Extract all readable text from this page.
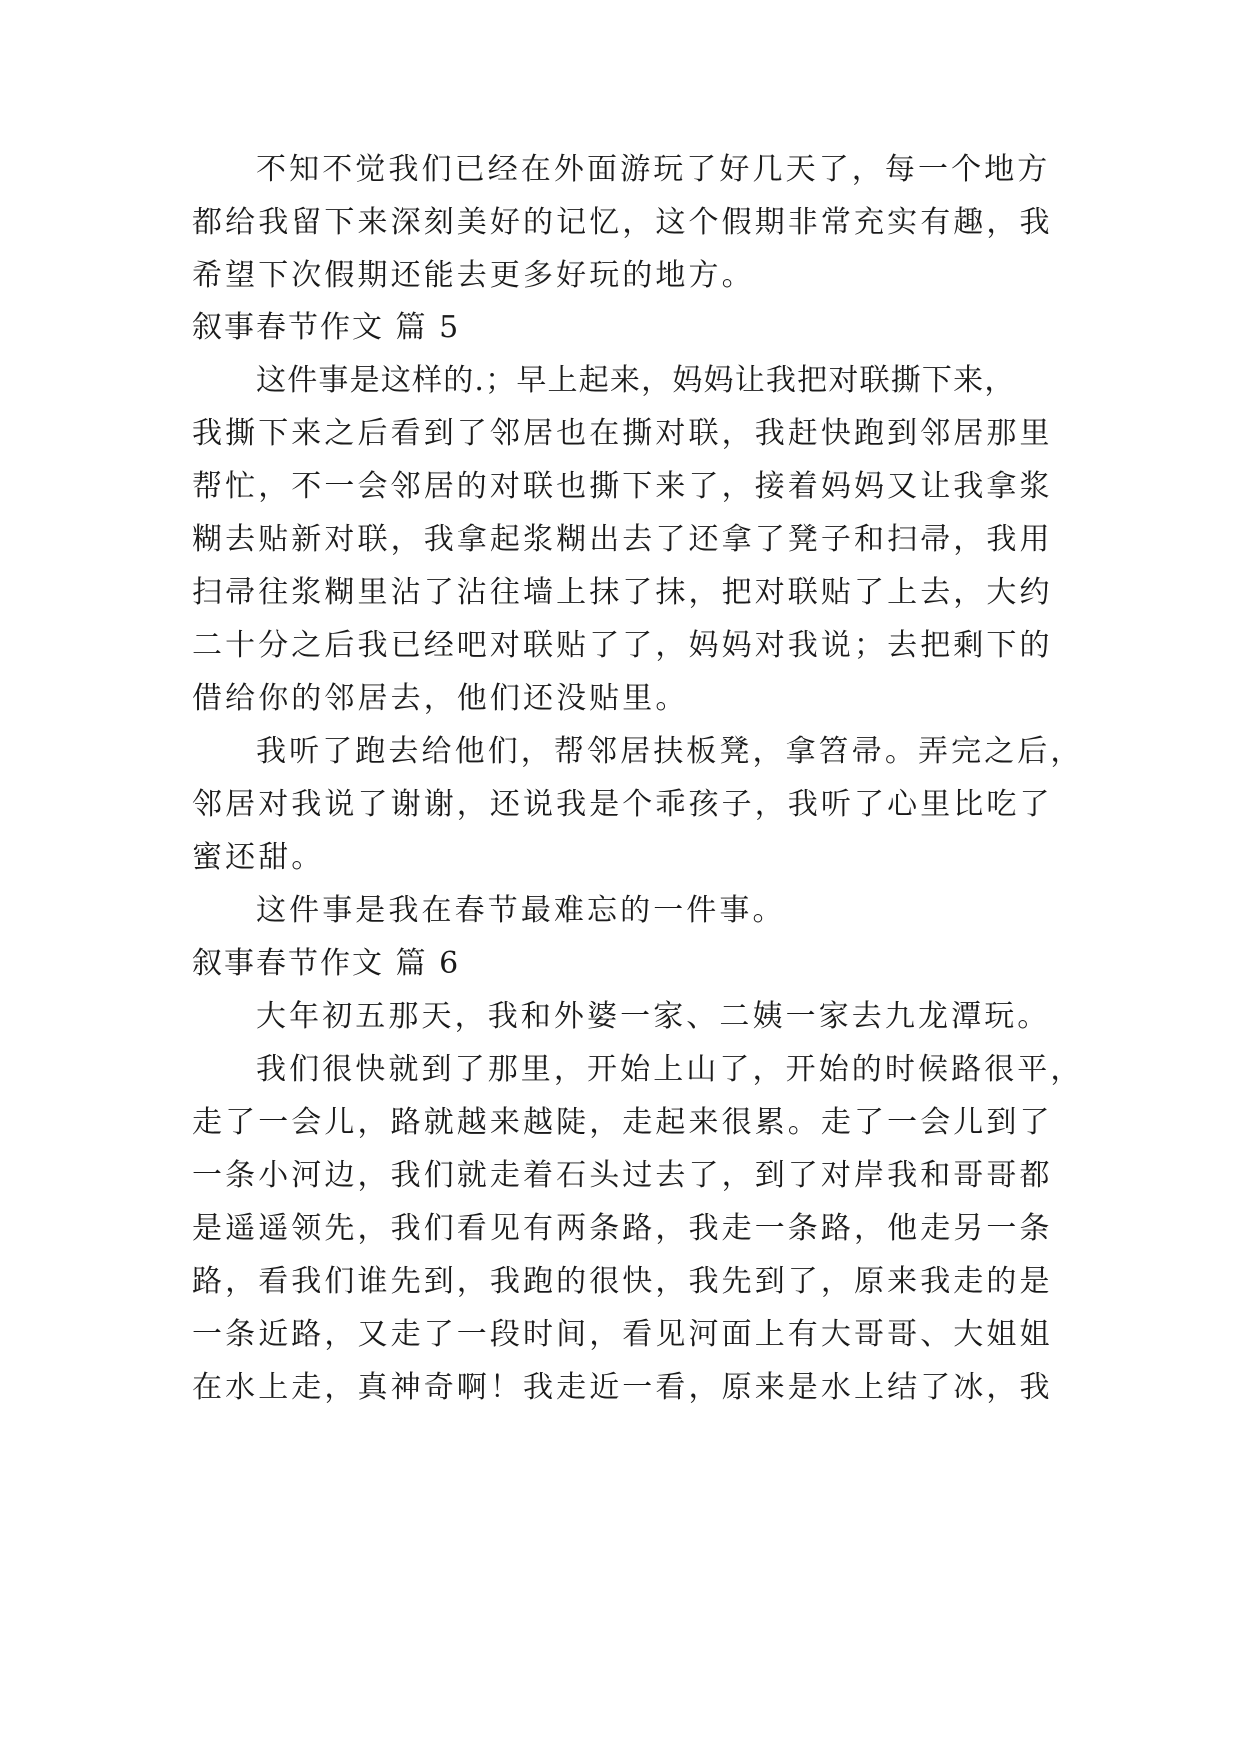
不知不觉我们已经在外面游玩了好几天了，每一个地方
都给我留下来深刻美好的记忆，这个假期非常充实有趣，我
希望下次假期还能去更多好玩的地方。
叙事春节作文 篇 5
这件事是这样的.；早上起来，妈妈让我把对联撕下来，
我撕下来之后看到了邻居也在撕对联，我赶快跑到邻居那里
帮忙，不一会邻居的对联也撕下来了，接着妈妈又让我拿浆
糊去贴新对联，我拿起浆糊出去了还拿了凳子和扫帚，我用
扫帚往浆糊里沾了沾往墙上抹了抹，把对联贴了上去，大约
二十分之后我已经吧对联贴了了，妈妈对我说；去把剩下的
借给你的邻居去，他们还没贴里。
我听了跑去给他们，帮邻居扶板凳，拿笤帚。弄完之后，
邻居对我说了谢谢，还说我是个乖孩子，我听了心里比吃了
蜜还甜。
这件事是我在春节最难忘的一件事。
叙事春节作文 篇 6
大年初五那天，我和外婆一家、二姨一家去九龙潭玩。
我们很快就到了那里，开始上山了，开始的时候路很平，
走了一会儿，路就越来越陡，走起来很累。走了一会儿到了
一条小河边，我们就走着石头过去了，到了对岸我和哥哥都
是遥遥领先，我们看见有两条路，我走一条路，他走另一条
路，看我们谁先到，我跑的很快，我先到了，原来我走的是
一条近路，又走了一段时间，看见河面上有大哥哥、大姐姐
在水上走，真神奇啊！我走近一看，原来是水上结了冰，我
